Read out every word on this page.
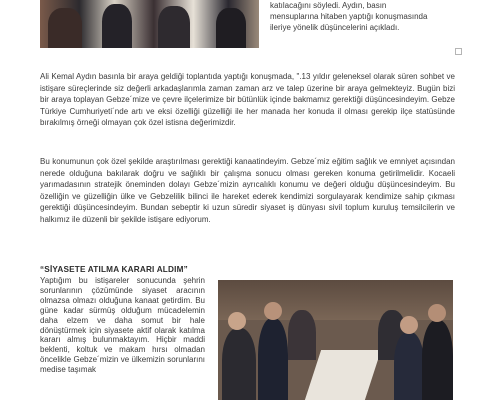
katılacağını söyledi. Aydın, basın

mensuplarına hitaben yaptığı konuşmasında

ileriye yönelik düşüncelerini açıkladı.

Ali Kemal Aydın basınla bir araya geldiği toplantıda yaptığı konuşmada, ".13 yıldır geleneksel olarak süren sohbet ve istişare süreçlerinde siz değerli arkadaşlarımla zaman zaman arz ve talep üzerine bir araya gelmekteyiz. Bugün bizi bir araya toplayan Gebze´mize ve çevre ilçelerimize bir bütünlük içinde bakmamız gerektiği düşüncesindeyim. Gebze Türkiye Cumhuriyeti´nde artı ve eksi özelliği güzelliği ile her manada her konuda il olması gerekip ilçe statüsünde bırakılmış örneği olmayan çok özel istisna değerimizdir.

Bu konumunun çok özel şekilde araştırılması gerektiği kanaatindeyim. Gebze´miz eğitim sağlık ve emniyet açısından nerede olduğuna bakılarak doğru ve sağlıklı bir çalışma sonucu olması gereken konuma getirilmelidir. Kocaeli yarımadasının stratejik öneminden dolayı Gebze´mizin ayrıcalıklı konumu ve değeri olduğu düşüncesindeyim. Bu özelliğin ve güzelliğin ülke ve Gebzelilik bilinci ile hareket ederek kendimizi sorgulayarak kendimize sahip çıkması gerektiği düşüncesindeyim. Bundan sebeptir ki uzun süredir siyaset iş dünyası sivil toplum kuruluş temsilcilerin ve halkımız ile düzenli bir şekilde istişare ediyorum.

“SİYASETE ATILMA KARARI ALDIM”

Yaptığım bu istişareler sonucunda şehrin sorunlarının çözümünde siyaset aracının olmazsa olmazı olduğuna kanaat getirdim. Bu güne kadar sürmüş olduğum mücadelemin daha elzem ve daha somut bir hale dönüştürmek için siyasete aktif olarak katılma kararı almış bulunmaktayım. Hiçbir maddi beklenti, koltuk ve makam hırsı olmadan öncelikle Gebze´mizin ve ülkemizin sorunlarını medise taşımak
